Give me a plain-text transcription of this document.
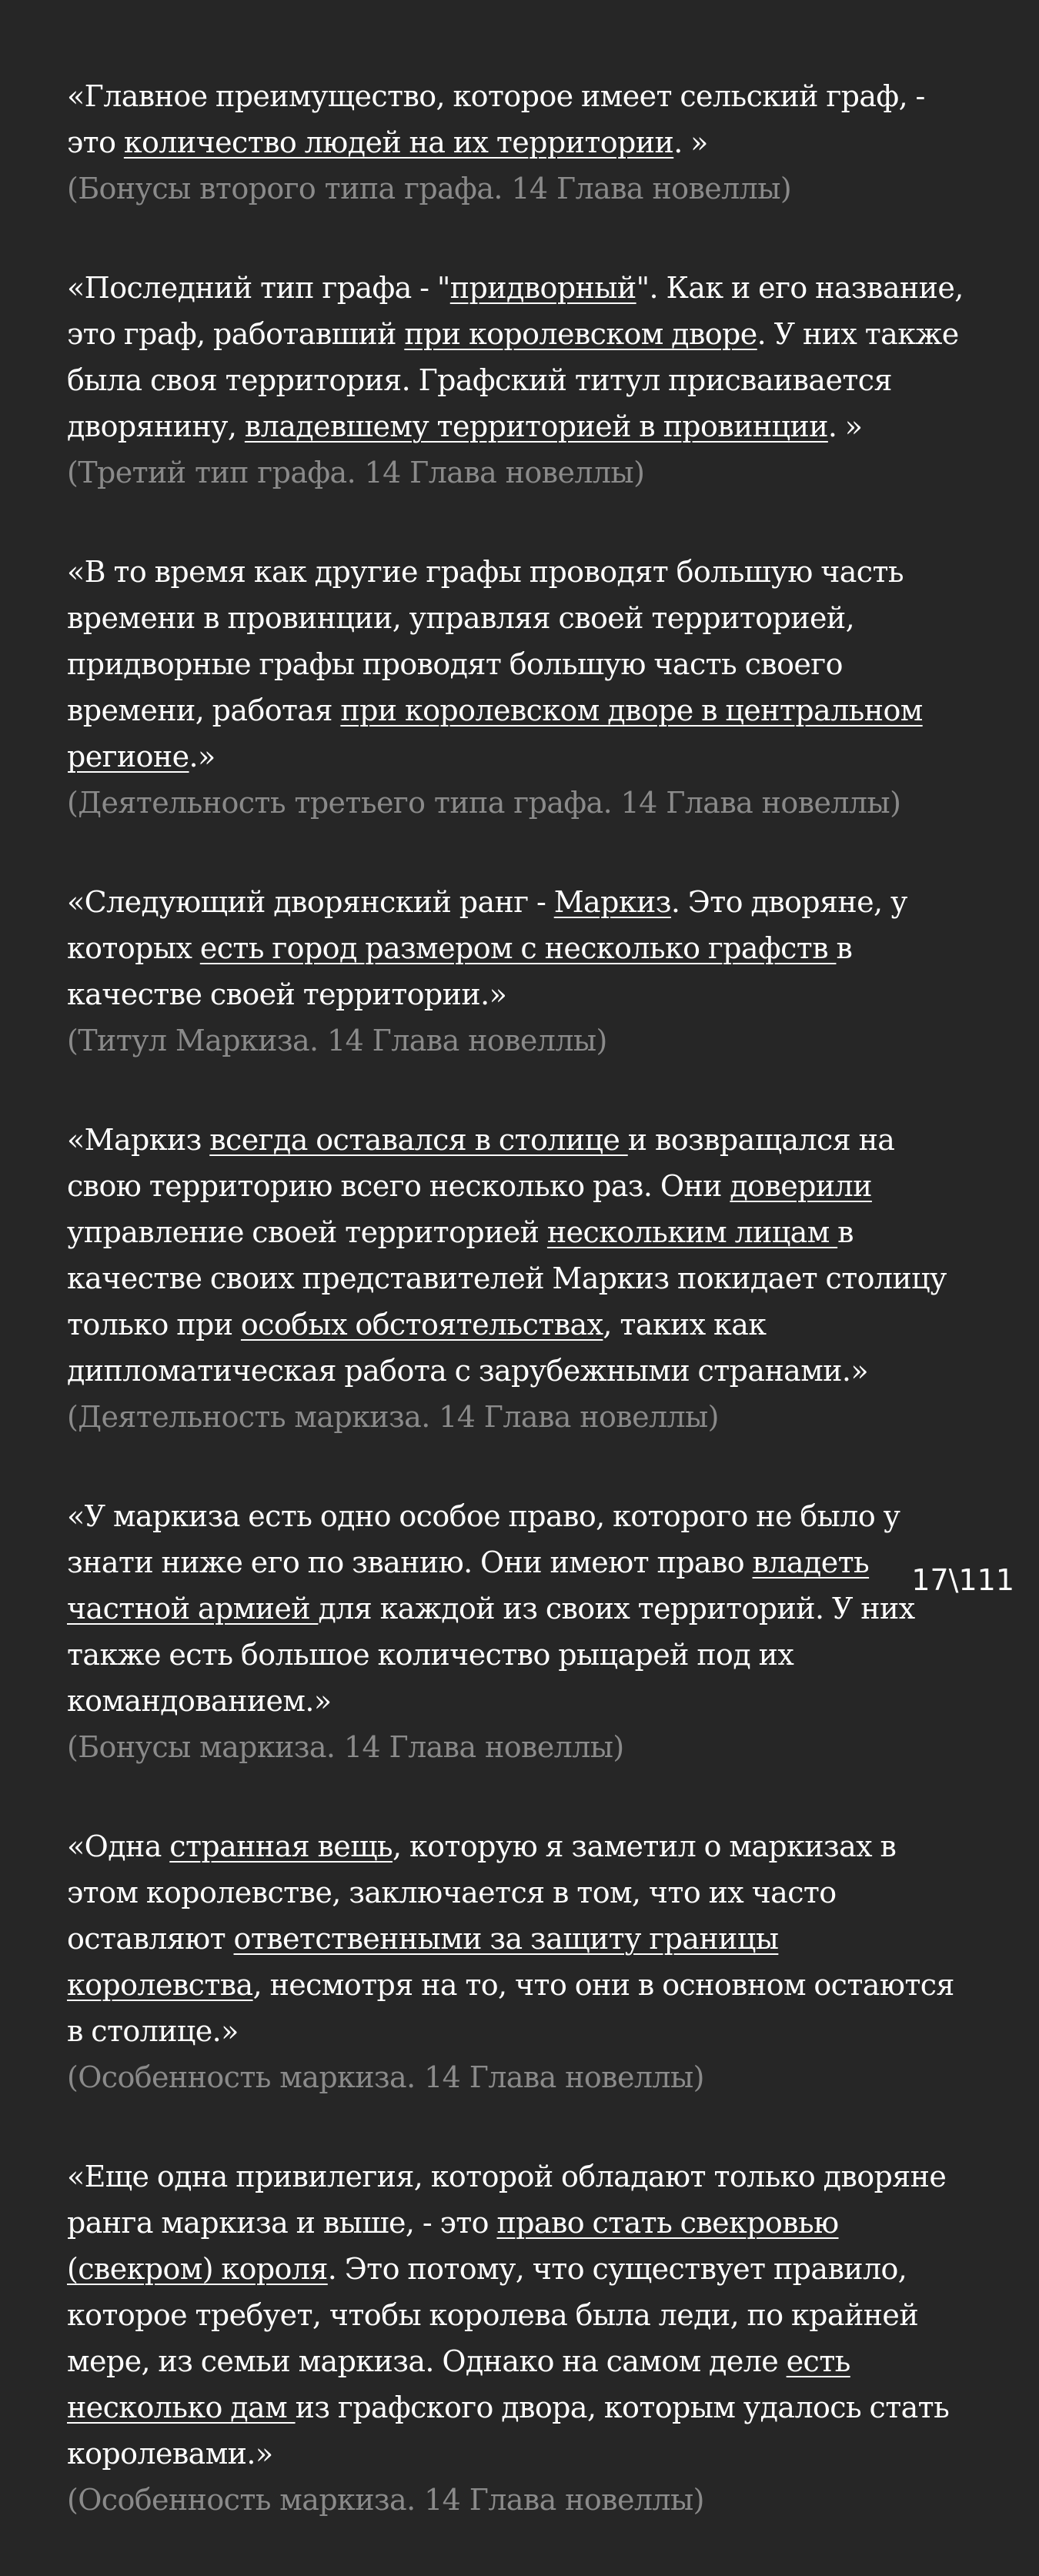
«Главное преимущество, которое имеет сельский граф, - это количество людей на их территории. »

(Бонусы второго типа графа. 14 Глава новеллы)

«Последний тип графа - "придворный". Как и его название, это граф, работавший при королевском дворе. У них также была своя территория. Графский титул присваивается дворянину, владевшему территорией в провинции. »

(Третий тип графа. 14 Глава новеллы)

«В то время как другие графы проводят большую часть времени в провинции, управляя своей территорией, придворные графы проводят большую часть своего времени, работая при королевском дворе в центральном регионе.»

(Деятельность третьего типа графа. 14 Глава новеллы)

«Следующий дворянский ранг - Маркиз. Это дворяне, у которых есть город размером с несколько графств в качестве своей территории.»

(Титул Маркиза. 14 Глава новеллы)

«Маркиз всегда оставался в столице и возвращался на свою территорию всего несколько раз. Они доверили управление своей территорией нескольким лицам в качестве своих представителей Маркиз покидает столицу только при особых обстоятельствах, таких как дипломатическая работа с зарубежными странами.»

(Деятельность маркиза. 14 Глава новеллы)

«У маркиза есть одно особое право, которого не было у знати ниже его по званию. Они имеют право владеть частной армией для каждой из своих территорий. У них также есть большое количество рыцарей под их командованием.»

(Бонусы маркиза. 14 Глава новеллы)

«Одна странная вещь, которую я заметил о маркизах в этом королевстве, заключается в том, что их часто оставляют ответственными за защиту границы королевства, несмотря на то, что они в основном остаются в столице.»

(Особенность маркиза. 14 Глава новеллы)

«Еще одна привилегия, которой обладают только дворяне ранга маркиза и выше, - это право стать свекровью (свекром) короля. Это потому, что существует правило, которое требует, чтобы королева была леди, по крайней мере, из семьи маркиза. Однако на самом деле есть несколько дам из графского двора, которым удалось стать королевами.»

(Особенность маркиза. 14 Глава новеллы)

17\111
